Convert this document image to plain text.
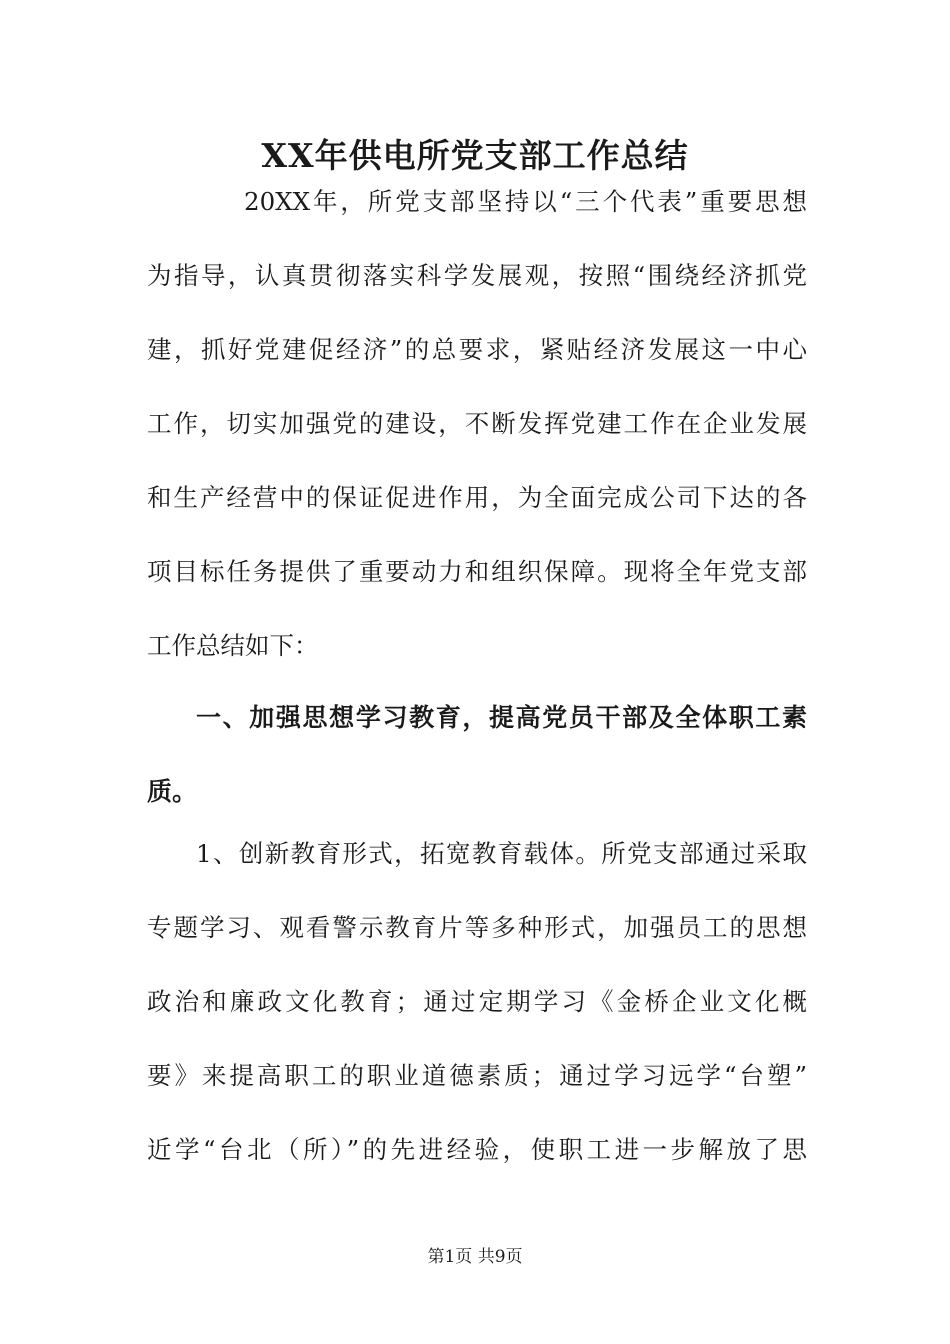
XX年供电所党支部工作总结
20XX年，所党支部坚持以“三个代表”重要思想
为指导，认真贯彻落实科学发展观，按照“围绕经济抓党
建，抓好党建促经济”的总要求，紧贴经济发展这一中心
工作，切实加强党的建设，不断发挥党建工作在企业发展
和生产经营中的保证促进作用，为全面完成公司下达的各
项目标任务提供了重要动力和组织保障。现将全年党支部
工作总结如下：
一、加强思想学习教育，提高党员干部及全体职工素
质。
1、创新教育形式，拓宽教育载体。所党支部通过采取
专题学习、观看警示教育片等多种形式，加强员工的思想
政治和廉政文化教育；通过定期学习《金桥企业文化概
要》来提高职工的职业道德素质；通过学习远学“台塑”
近学“台北（所）”的先进经验，使职工进一步解放了思
第1页 共9页
